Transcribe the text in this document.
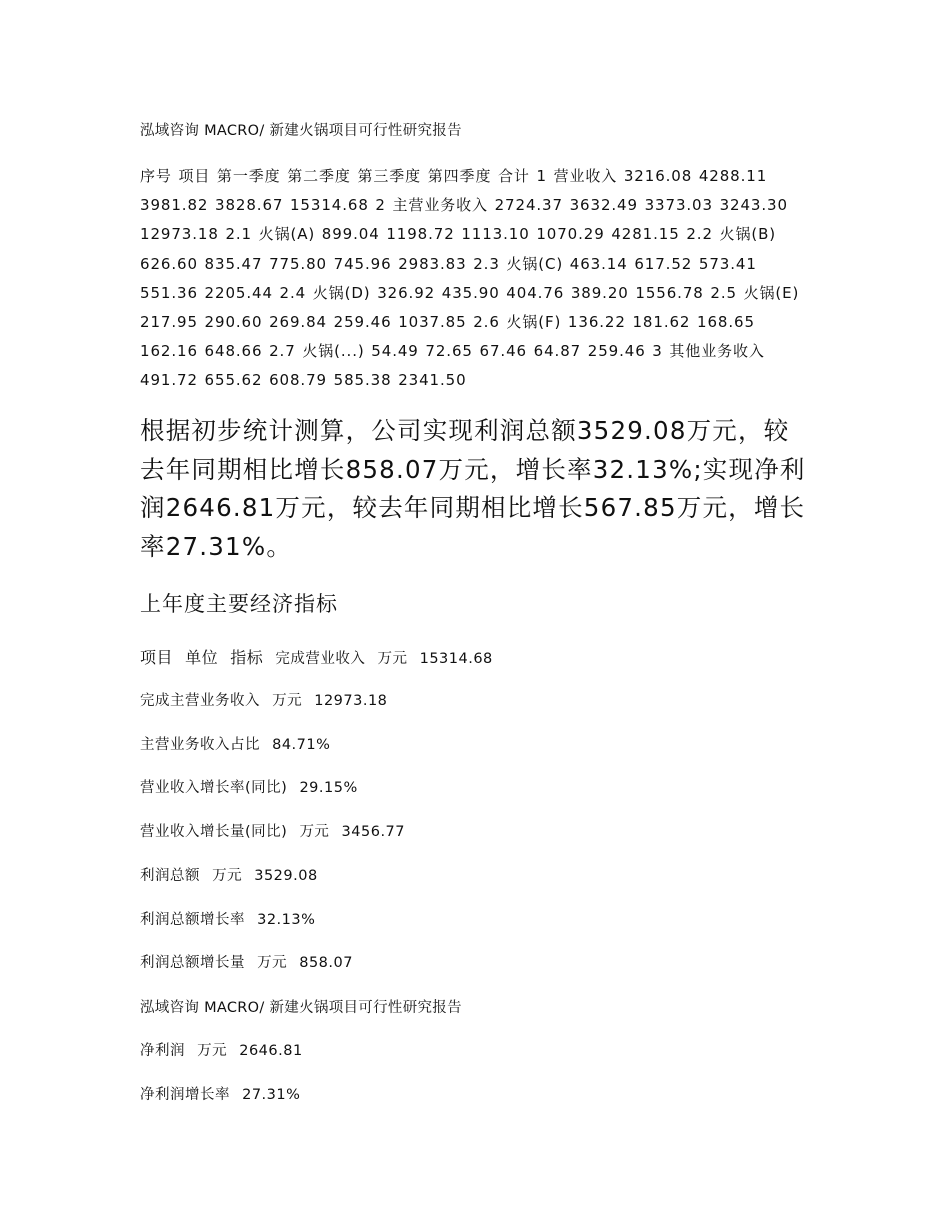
泓域咨询 MACRO/ 新建火锅项目可行性研究报告
序号 项目 第一季度 第二季度 第三季度 第四季度 合计 1 营业收入 3216.08 4288.11 3981.82 3828.67 15314.68 2 主营业务收入 2724.37 3632.49 3373.03 3243.30 12973.18 2.1 火锅(A) 899.04 1198.72 1113.10 1070.29 4281.15 2.2 火锅(B) 626.60 835.47 775.80 745.96 2983.83 2.3 火锅(C) 463.14 617.52 573.41 551.36 2205.44 2.4 火锅(D) 326.92 435.90 404.76 389.20 1556.78 2.5 火锅(E) 217.95 290.60 269.84 259.46 1037.85 2.6 火锅(F) 136.22 181.62 168.65 162.16 648.66 2.7 火锅(...) 54.49 72.65 67.46 64.87 259.46 3 其他业务收入 491.72 655.62 608.79 585.38 2341.50
根据初步统计测算，公司实现利润总额3529.08万元，较去年同期相比增长858.07万元，增长率32.13%;实现净利润2646.81万元，较去年同期相比增长567.85万元，增长率27.31%。
上年度主要经济指标
项目 单位 指标 完成营业收入 万元 15314.68
完成主营业务收入 万元 12973.18
主营业务收入占比 84.71%
营业收入增长率(同比) 29.15%
营业收入增长量(同比) 万元 3456.77
利润总额 万元 3529.08
利润总额增长率 32.13%
利润总额增长量 万元 858.07
泓域咨询 MACRO/ 新建火锅项目可行性研究报告
净利润 万元 2646.81
净利润增长率 27.31%
